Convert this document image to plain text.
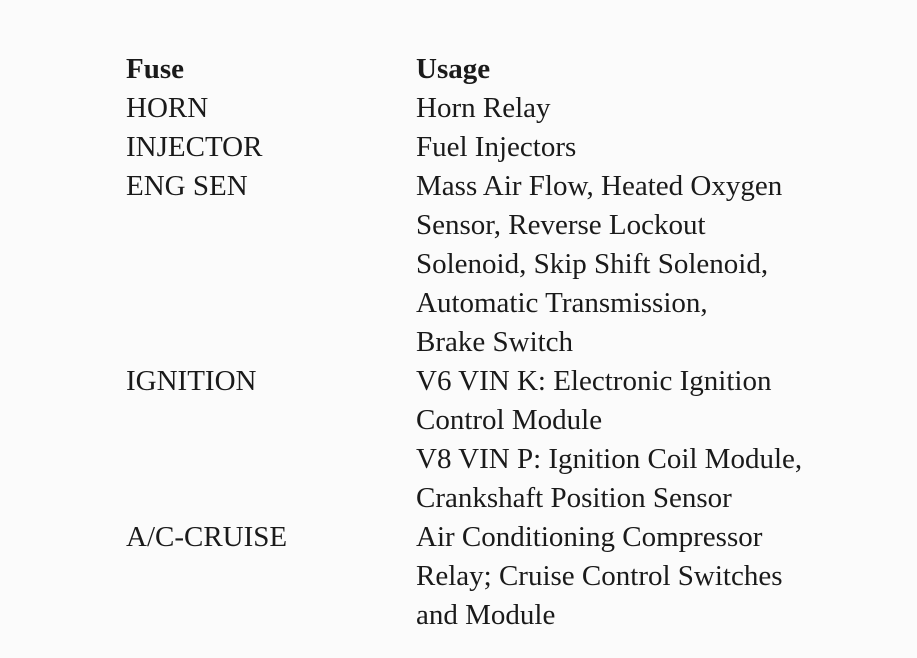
Fuse	Usage
HORN	Horn Relay
INJECTOR	Fuel Injectors
ENG SEN	Mass Air Flow, Heated Oxygen
Sensor, Reverse Lockout
Solenoid, Skip Shift Solenoid,
Automatic Transmission,
Brake Switch
IGNITION	V6 VIN K: Electronic Ignition
Control Module
V8 VIN P: Ignition Coil Module,
Crankshaft Position Sensor
A/C-CRUISE	Air Conditioning Compressor
Relay; Cruise Control Switches
and Module
